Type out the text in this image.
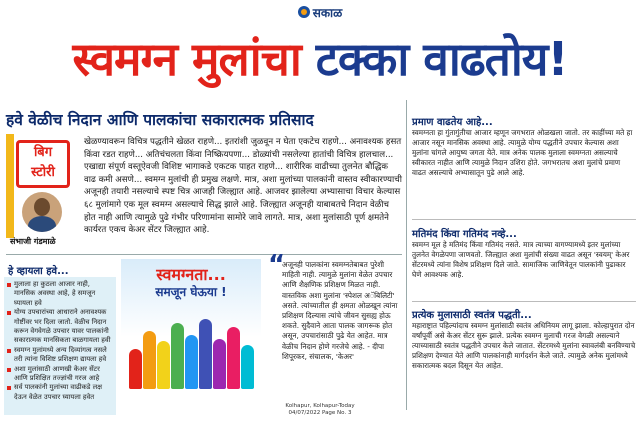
सकाळ
स्वमग्न मुलांचा टक्का वाढतोय!
हवे वेळीच निदान आणि पालकांचा सकारात्मक प्रतिसाद
बिग
स्टोरी
संभाजी गंडमाळे
खेळण्यावरून विचित्र पद्धतीने खेळत राहणे... इतरांशी जुळवून न घेता एकटेच राहणे... अनावश्यक हसत किंवा रडत राहणे... अतिचंचलता किंवा निष्क्रियपणा... डोळ्यांची नसलेल्या हातांची विचित्र हालचाल... एखाद्या संपूर्ण वस्तूऐवजी विशिष्ट भागाकडे एकटक पाहत राहणे... शारीरिक वाढीच्या तुलनेत बौद्धिक वाढ कमी असणे... स्वमग्न मुलांची ही प्रमुख लक्षणे. मात्र, अशा मुलांच्या पालकांनी वास्तव स्वीकारण्याची अजूनही तयारी नसल्याचे स्पष्ट चित्र आजही जिल्ह्यात आहे. आजवर झालेल्या अभ्यासाचा विचार केल्यास ६८ मुलांमागे एक मूल स्वमग्न असल्याचे सिद्ध झाले आहे. जिल्ह्यात अजूनही याबाबतचे निदान वेळीच होत नाही आणि त्यामुळे पुढे गंभीर परिणामांना सामोरे जावे लागते. मात्र, अशा मुलांसाठी पूर्ण क्षमतेने कार्यरत एकच केअर सेंटर जिल्ह्यात आहे.
हे व्हायला हवे...
मुलाला हा कुठला आजार नाही, मानसिक अवस्था आहे, हे समजून घ्यायला हवे
योग्य उपचारांच्या आधाराने अनावश्यक गोष्टींवर भर दिला जातो. वेळीच निदान करून वेगवेगळे उपचार यावर पालकांनी सकारात्मक मानसिकता बाळगायला हवी
स्वमग्न मुलांमध्ये अन्य दिव्यांगत्व नसले तरी त्यांना विशिष्ट प्रशिक्षण द्यायला हवे
अशा मुलांसाठी आणखी केअर सेंटर आणि प्रशिक्षित तज्ज्ञांची गरज आहे
सर्व पालकांनी मुलांच्या वाढीकडे लक्ष देऊन वेळेत उपचार घ्यायला हवेत
स्वमग्नता...
समजून घेऊया !
“
अजूनही पालकांना स्वमग्नतेबाबत पुरेशी माहिती नाही. त्यामुळे मुलांना वेळेत उपचार आणि शैक्षणिक प्रशिक्षण मिळत नाही. वास्तविक अशा मुलांना 'स्पेशल अॅबिलिटी' असते. त्यांच्यातील ही क्षमता ओळखून त्यांना प्रशिक्षण दिल्यास त्यांचे जीवन सुसह्य होऊ शकते. सुदैवाने आता पालक जागरूक होत असून, उपचारांसाठी पुढे येत आहेत. मात्र वेळीच निदान होणे गरजेचे आहे. - दीपा शिपूरकर, संचालक, 'केअर'
Kolhapur, Kolhapur-Today
04/07/2022 Page No. 3
प्रमाण वाढतेय आहे...
स्वमग्नता हा गुंतागुंतीचा आजार म्हणून जगभरात ओळखला जातो. तर काहींच्या मते हा आजार नसून मानसिक अवस्था आहे. त्यामुळे योग्य पद्धतीने उपचार केल्यास अशा मुलांना चांगले आयुष्य जगता येते. मात्र अनेक पालक मुलाला स्वमग्नता असल्याचे स्वीकारत नाहीत आणि त्यामुळे निदान उशिरा होते. जगभरातच अशा मुलांचे प्रमाण वाढत असल्याचे अभ्यासातून पुढे आले आहे.
मतिमंद किंवा गतिमंद नव्हे...
स्वमग्न मूल हे मतिमंद किंवा गतिमंद नसते. मात्र त्याच्या वागण्यामध्ये इतर मुलांच्या तुलनेत वेगळेपणा जाणवतो. जिल्ह्यात अशा मुलांची संख्या वाढत असून 'स्वयम्' केअर सेंटरमध्ये त्यांना विशेष प्रशिक्षण दिले जाते. सामाजिक जाणिवेतून पालकांनी पुढाकार घेणे आवश्यक आहे.
प्रत्येक मुलासाठी स्वतंत्र पद्धती...
महाराष्ट्रात पहिल्यांदाच स्वमग्न मुलांसाठी स्वतंत्र अधिनियम लागू झाला. कोल्हापुरात दोन वर्षांपूर्वी असे केअर सेंटर सुरू झाले. प्रत्येक स्वमग्न मुलाची गरज वेगळी असल्याने त्याच्यासाठी स्वतंत्र पद्धतीने उपचार केले जातात. सेंटरमध्ये मुलांना स्वावलंबी बनविण्याचे प्रशिक्षण देण्यात येते आणि पालकांनाही मार्गदर्शन केले जाते. त्यामुळे अनेक मुलांमध्ये सकारात्मक बदल दिसून येत आहेत.
